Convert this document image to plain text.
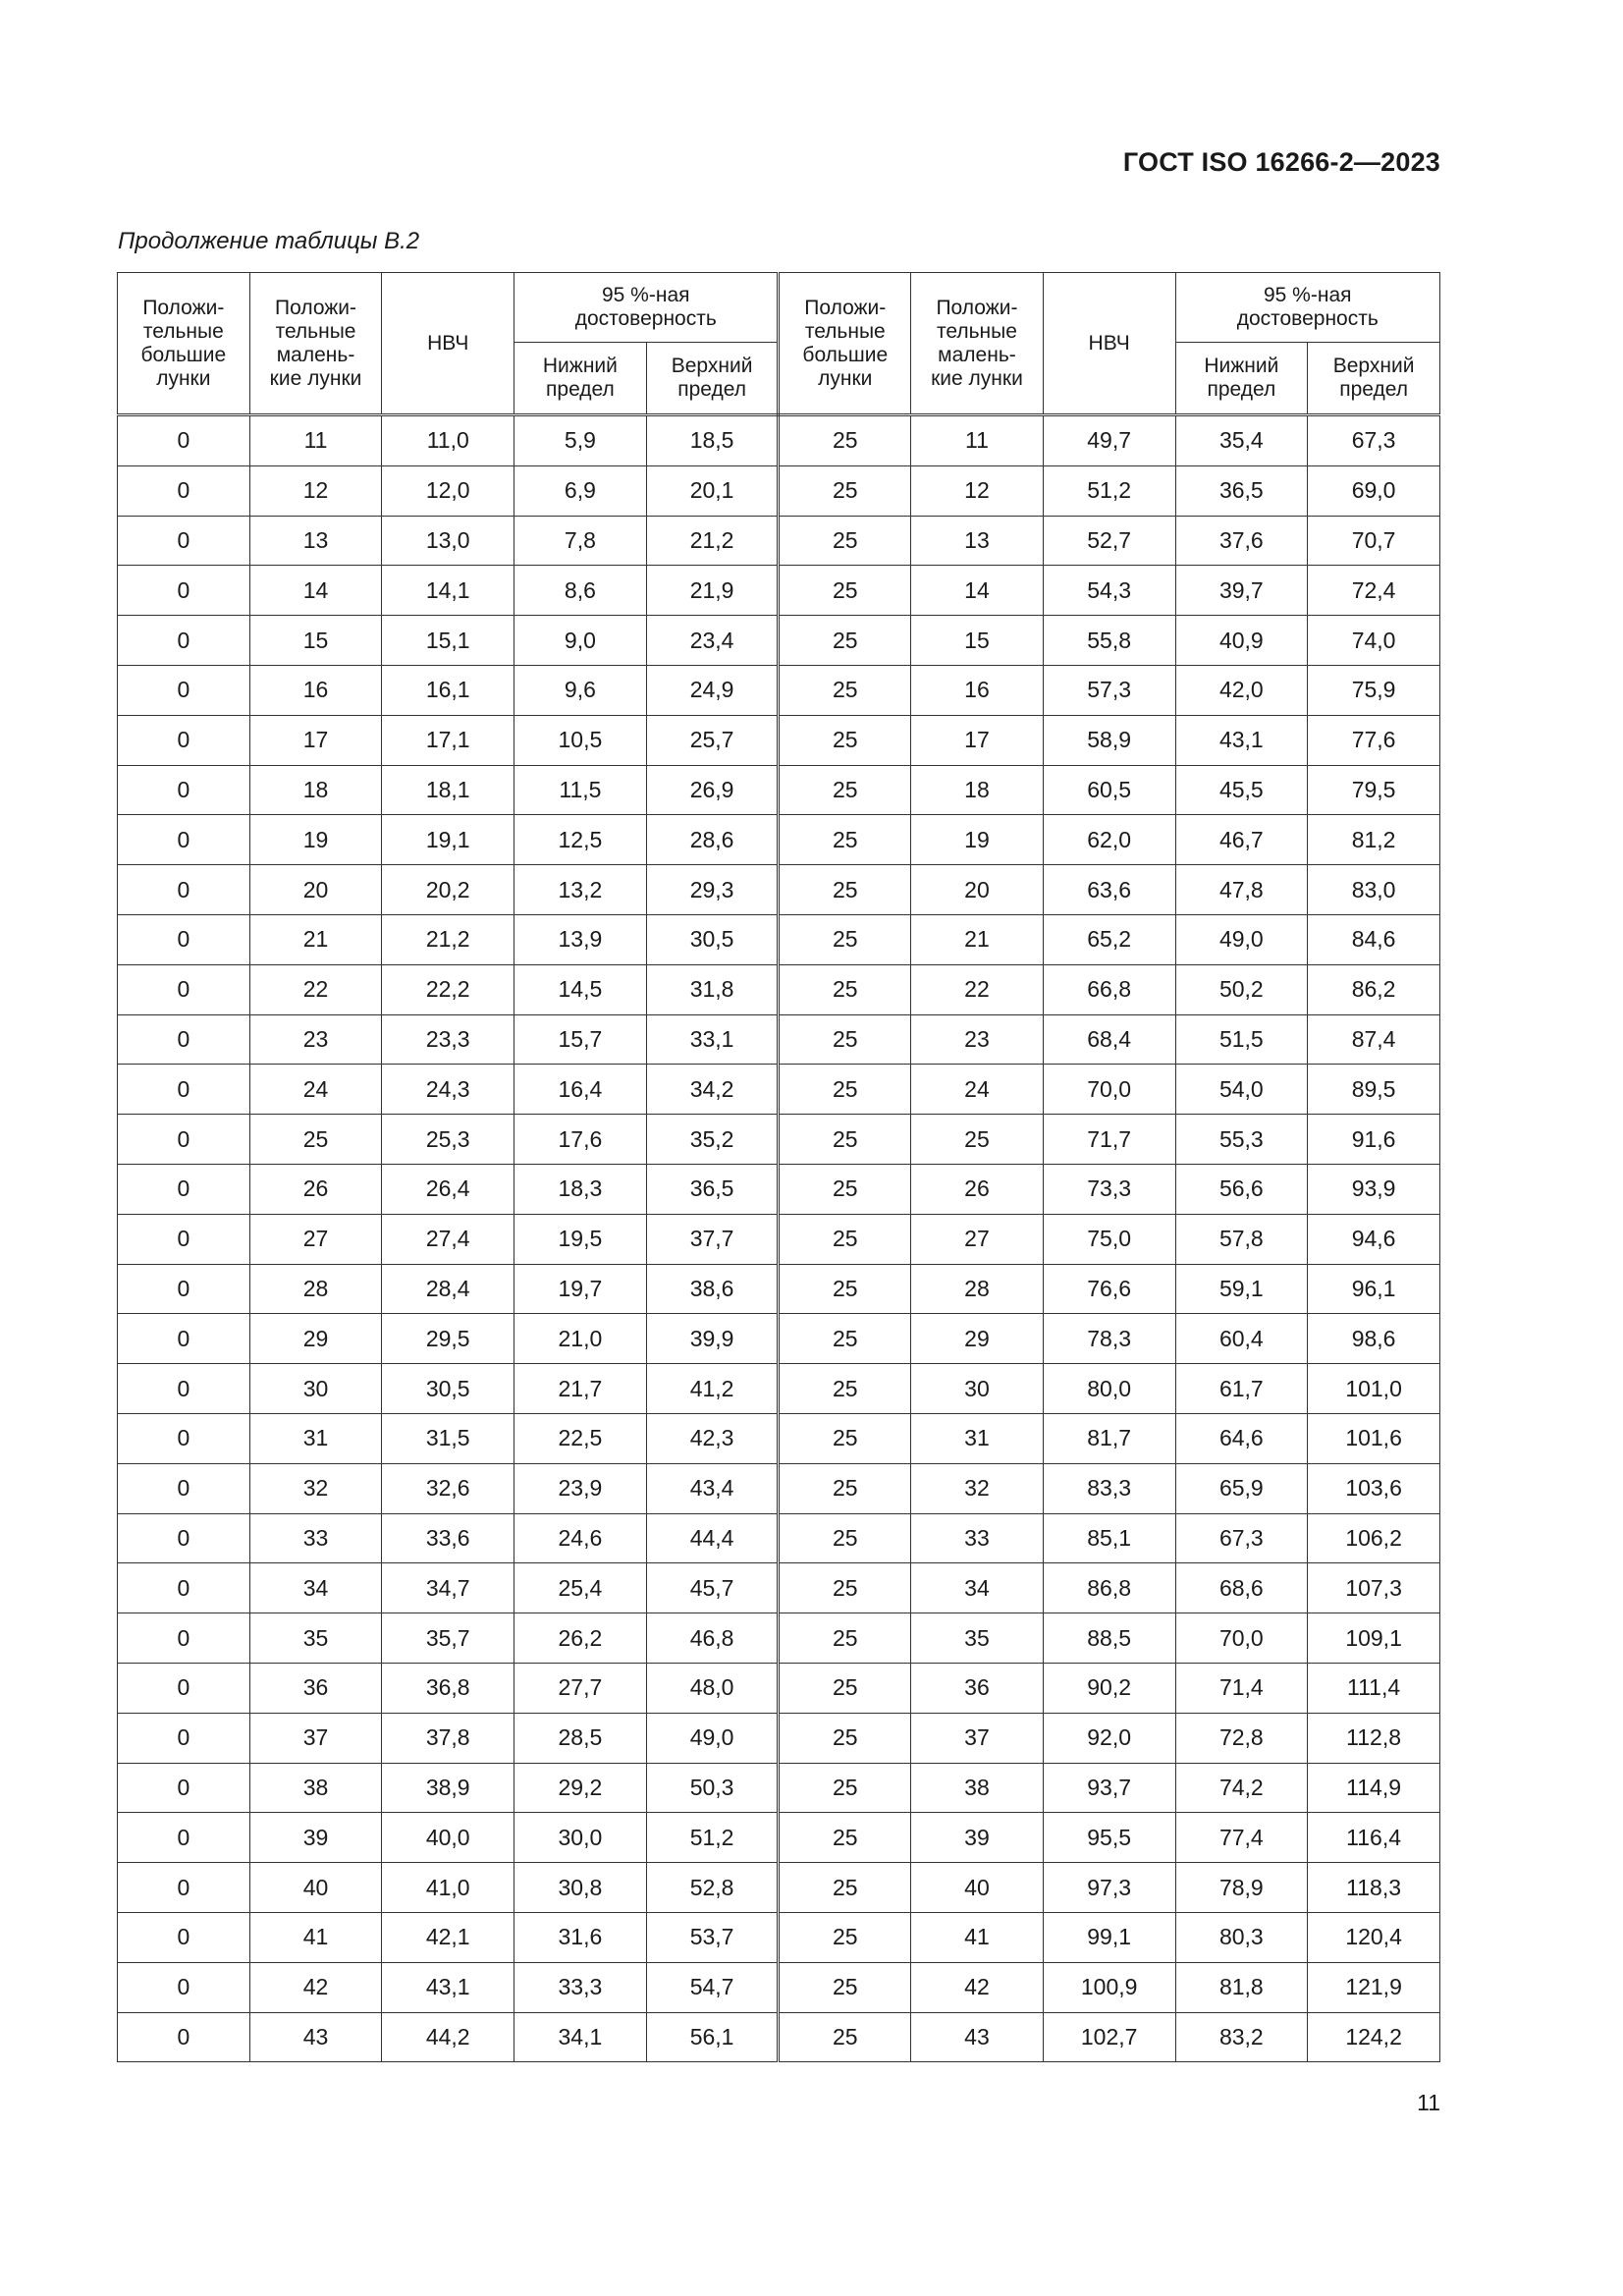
ГОСТ ISO 16266-2—2023
Продолжение таблицы B.2
Положи-
тельные
большие
лунки	Положи-
тельные
малень-
кие лунки	НВЧ	95 %-ная
достоверность		Положи-
тельные
большие
лунки	Положи-
тельные
малень-
кие лунки	НВЧ	95 %-ная
достоверность	
			Нижний
предел	Верхний
предел				Нижний
предел	Верхний
предел
0	11	11,0	5,9	18,5	25	11	49,7	35,4	67,3
0	12	12,0	6,9	20,1	25	12	51,2	36,5	69,0
0	13	13,0	7,8	21,2	25	13	52,7	37,6	70,7
0	14	14,1	8,6	21,9	25	14	54,3	39,7	72,4
0	15	15,1	9,0	23,4	25	15	55,8	40,9	74,0
0	16	16,1	9,6	24,9	25	16	57,3	42,0	75,9
0	17	17,1	10,5	25,7	25	17	58,9	43,1	77,6
0	18	18,1	11,5	26,9	25	18	60,5	45,5	79,5
0	19	19,1	12,5	28,6	25	19	62,0	46,7	81,2
0	20	20,2	13,2	29,3	25	20	63,6	47,8	83,0
0	21	21,2	13,9	30,5	25	21	65,2	49,0	84,6
0	22	22,2	14,5	31,8	25	22	66,8	50,2	86,2
0	23	23,3	15,7	33,1	25	23	68,4	51,5	87,4
0	24	24,3	16,4	34,2	25	24	70,0	54,0	89,5
0	25	25,3	17,6	35,2	25	25	71,7	55,3	91,6
0	26	26,4	18,3	36,5	25	26	73,3	56,6	93,9
0	27	27,4	19,5	37,7	25	27	75,0	57,8	94,6
0	28	28,4	19,7	38,6	25	28	76,6	59,1	96,1
0	29	29,5	21,0	39,9	25	29	78,3	60,4	98,6
0	30	30,5	21,7	41,2	25	30	80,0	61,7	101,0
0	31	31,5	22,5	42,3	25	31	81,7	64,6	101,6
0	32	32,6	23,9	43,4	25	32	83,3	65,9	103,6
0	33	33,6	24,6	44,4	25	33	85,1	67,3	106,2
0	34	34,7	25,4	45,7	25	34	86,8	68,6	107,3
0	35	35,7	26,2	46,8	25	35	88,5	70,0	109,1
0	36	36,8	27,7	48,0	25	36	90,2	71,4	111,4
0	37	37,8	28,5	49,0	25	37	92,0	72,8	112,8
0	38	38,9	29,2	50,3	25	38	93,7	74,2	114,9
0	39	40,0	30,0	51,2	25	39	95,5	77,4	116,4
0	40	41,0	30,8	52,8	25	40	97,3	78,9	118,3
0	41	42,1	31,6	53,7	25	41	99,1	80,3	120,4
0	42	43,1	33,3	54,7	25	42	100,9	81,8	121,9
0	43	44,2	34,1	56,1	25	43	102,7	83,2	124,2
11
